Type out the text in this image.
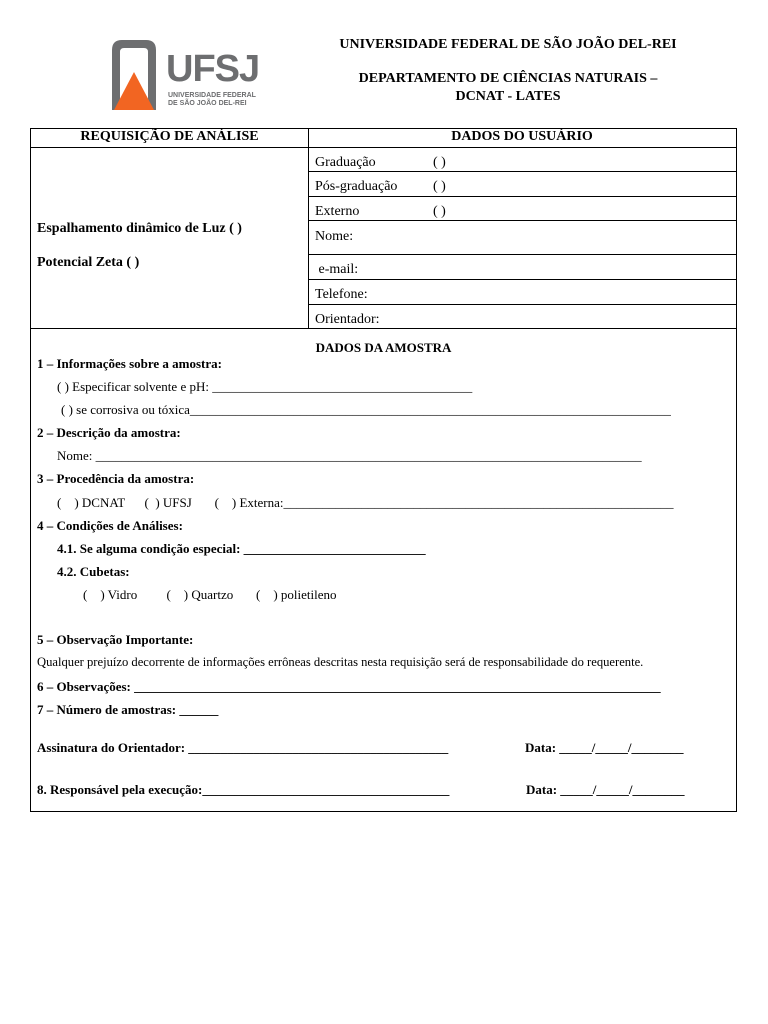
UFSJ
UNIVERSIDADE FEDERAL
DE SÃO JOÃO DEL-REI
UNIVERSIDADE FEDERAL DE SÃO JOÃO DEL-REI
DEPARTAMENTO DE CIÊNCIAS NATURAIS –
DCNAT - LATES
REQUISIÇÃO DE ANÁLISE	DADOS DO USUÁRIO
Espalhamento dinâmico de Luz ( )
Potencial Zeta ( )
Graduação	( )
Pós-graduação	( )
Externo	( )
Nome:
e-mail:
Telefone:
Orientador:
DADOS DA AMOSTRA
1 – Informações sobre a amostra:
( ) Especificar solvente e pH: ________________________________________
( ) se corrosiva ou tóxica__________________________________________________________________________
2 – Descrição da amostra:
Nome: ____________________________________________________________________________________
3 – Procedência da amostra:
(    ) DCNAT      (  ) UFSJ       (    ) Externa:____________________________________________________________
4 – Condições de Análises:
4.1. Se alguma condição especial: ____________________________
4.2. Cubetas:
(    ) Vidro         (    ) Quartzo       (    ) polietileno
5 – Observação Importante:
Qualquer prejuízo decorrente de informações errôneas descritas nesta requisição será de responsabilidade do requerente.
6 – Observações: _________________________________________________________________________________
7 – Número de amostras: ______
Assinatura do Orientador: ________________________________________	Data: _____/_____/________
8. Responsável pela execução:______________________________________	Data: _____/_____/________
